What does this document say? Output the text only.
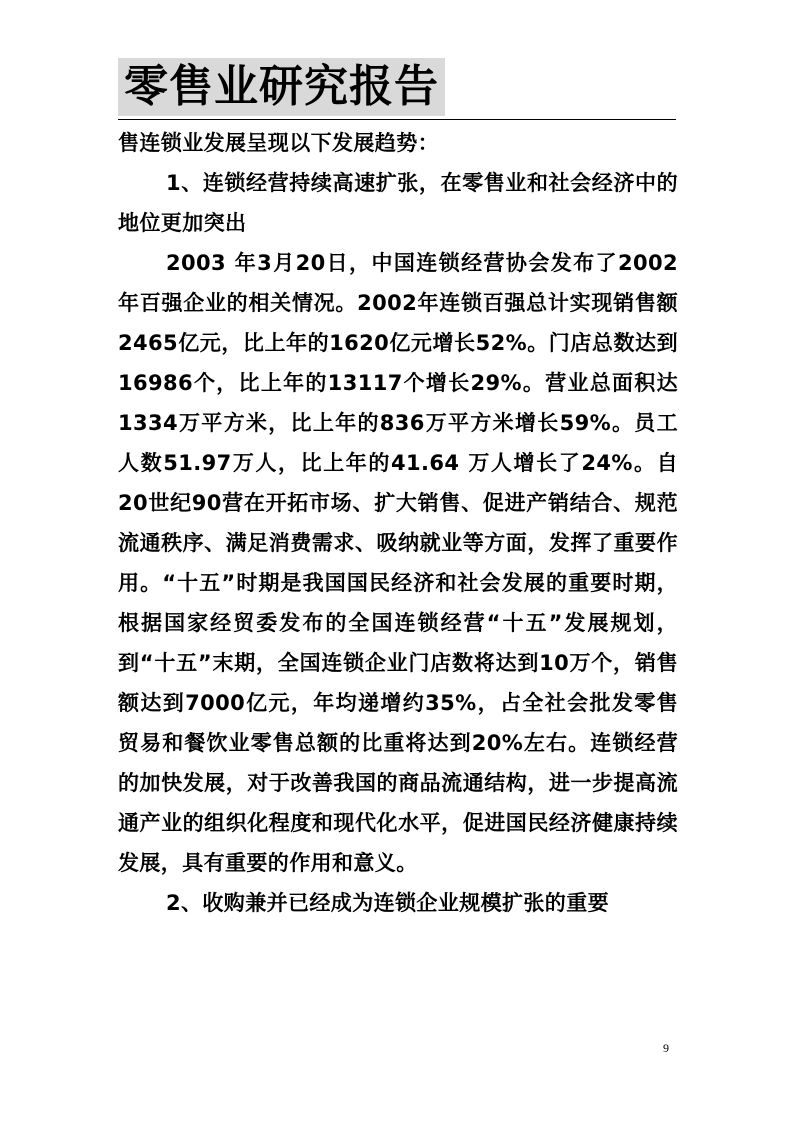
零售业研究报告

售连锁业发展呈现以下发展趋势：

1、连锁经营持续高速扩张，在零售业和社会经济中的地位更加突出

2003 年3月20日，中国连锁经营协会发布了2002年百强企业的相关情况。2002年连锁百强总计实现销售额2465亿元，比上年的1620亿元增长52%。门店总数达到16986个，比上年的13117个增长29%。营业总面积达1334万平方米，比上年的836万平方米增长59%。员工人数51.97万人，比上年的41.64 万人增长了24%。自20世纪90营在开拓市场、扩大销售、促进产销结合、规范流通秩序、满足消费需求、吸纳就业等方面，发挥了重要作用。“十五”时期是我国国民经济和社会发展的重要时期，根据国家经贸委发布的全国连锁经营“十五”发展规划，到“十五”末期，全国连锁企业门店数将达到10万个，销售额达到7000亿元，年均递增约35%，占全社会批发零售贸易和餐饮业零售总额的比重将达到20%左右。连锁经营的加快发展，对于改善我国的商品流通结构，进一步提高流通产业的组织化程度和现代化水平，促进国民经济健康持续发展，具有重要的作用和意义。

2、收购兼并已经成为连锁企业规模扩张的重要

9
